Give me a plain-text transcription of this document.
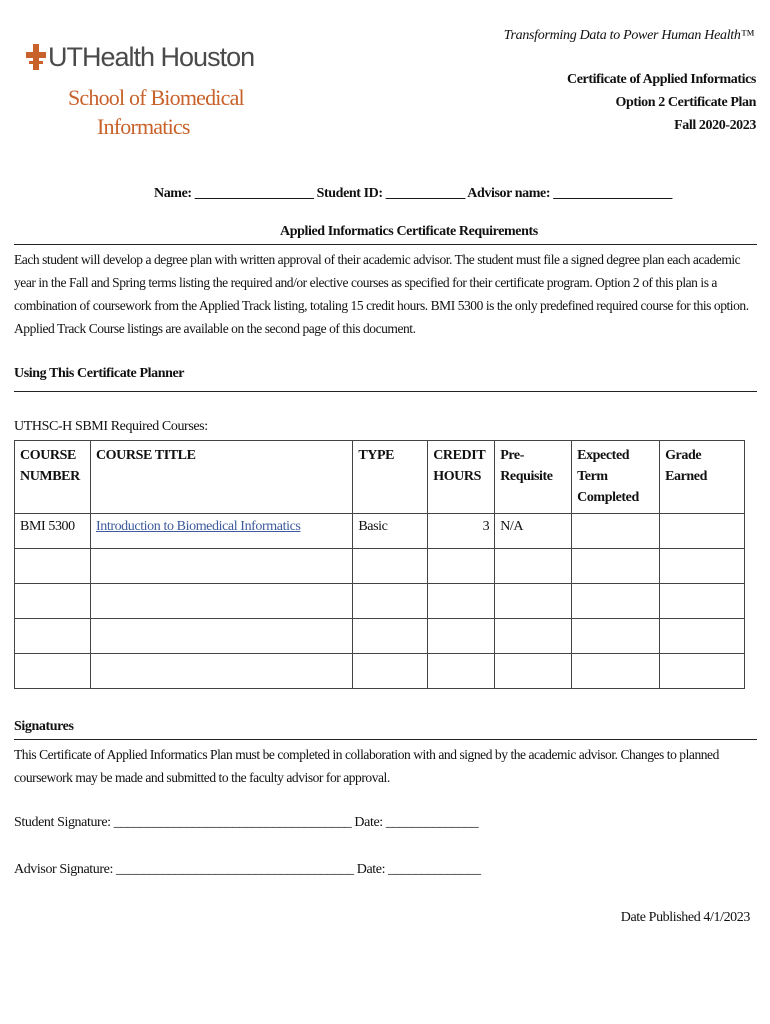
Transforming Data to Power Human Health™
UTHealth Houston
School of Biomedical
Informatics
Certificate of Applied Informatics
Option 2 Certificate Plan
Fall 2020-2023
Name: __________________ Student ID: ____________ Advisor name: __________________
Applied Informatics Certificate Requirements
Each student will develop a degree plan with written approval of their academic advisor. The student must file a signed degree plan each academic year in the Fall and Spring terms listing the required and/or elective courses as specified for their certificate program. Option 2 of this plan is a combination of coursework from the Applied Track listing, totaling 15 credit hours. BMI 5300 is the only predefined required course for this option. Applied Track Course listings are available on the second page of this document.
Using This Certificate Planner
UTHSC-H SBMI Required Courses:
COURSE NUMBER	COURSE TITLE	TYPE	CREDIT HOURS	Pre-Requisite	Expected Term Completed	Grade Earned
BMI 5300	Introduction to Biomedical Informatics	Basic	3	N/A		

Signatures
This Certificate of Applied Informatics Plan must be completed in collaboration with and signed by the academic advisor. Changes to planned coursework may be made and submitted to the faculty advisor for approval.
Student Signature: ____________________________________ Date: ______________
Advisor Signature: ____________________________________ Date: ______________
Date Published 4/1/2023
